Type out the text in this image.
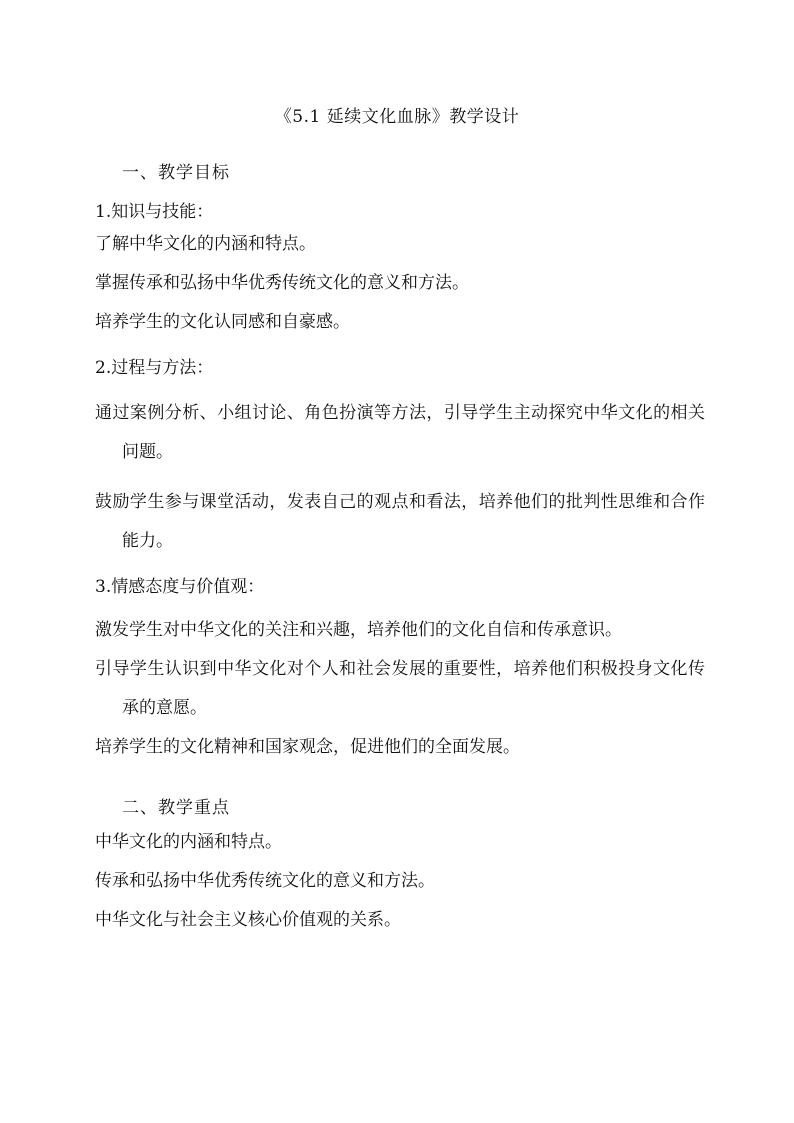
《5.1 延续文化血脉》教学设计
一、教学目标
1.知识与技能：
了解中华文化的内涵和特点。
掌握传承和弘扬中华优秀传统文化的意义和方法。
培养学生的文化认同感和自豪感。
2.过程与方法：
通过案例分析、小组讨论、角色扮演等方法，引导学生主动探究中华文化的相关问题。
鼓励学生参与课堂活动，发表自己的观点和看法，培养他们的批判性思维和合作能力。
3.情感态度与价值观：
激发学生对中华文化的关注和兴趣，培养他们的文化自信和传承意识。
引导学生认识到中华文化对个人和社会发展的重要性，培养他们积极投身文化传承的意愿。
培养学生的文化精神和国家观念，促进他们的全面发展。
二、教学重点
中华文化的内涵和特点。
传承和弘扬中华优秀传统文化的意义和方法。
中华文化与社会主义核心价值观的关系。
